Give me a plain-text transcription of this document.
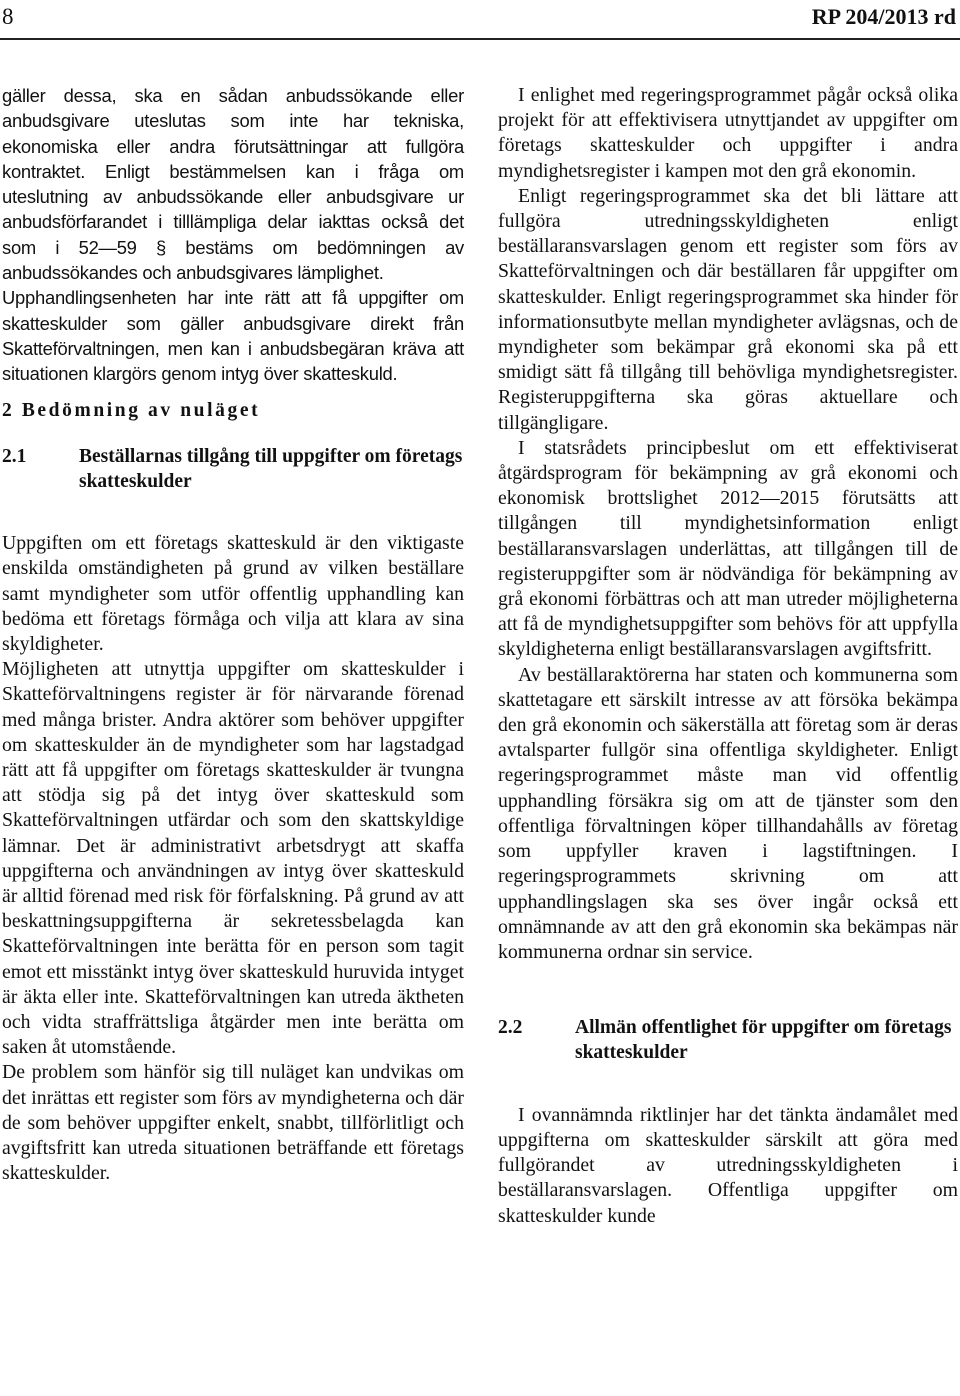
8	RP 204/2013 rd

gäller dessa, ska en sådan anbudssökande eller anbudsgivare uteslutas som inte har tekniska, ekonomiska eller andra förutsättningar att fullgöra kontraktet. Enligt bestämmelsen kan i fråga om uteslutning av anbudssökande eller anbudsgivare ur anbudsförfarandet i tilllämpliga delar iakttas också det som i 52—59 § bestäms om bedömningen av anbudssökandes och anbudsgivares lämplighet.

Upphandlingsenheten har inte rätt att få uppgifter om skatteskulder som gäller anbudsgivare direkt från Skatteförvaltningen, men kan i anbudsbegäran kräva att situationen klargörs genom intyg över skatteskuld.

2 Bedömning av nuläget
2.1	Beställarnas tillgång till uppgifter om företags skatteskulder

Uppgiften om ett företags skatteskuld är den viktigaste enskilda omständigheten på grund av vilken beställare samt myndigheter som utför offentlig upphandling kan bedöma ett företags förmåga och vilja att klara av sina skyldigheter.

Möjligheten att utnyttja uppgifter om skatteskulder i Skatteförvaltningens register är för närvarande förenad med många brister. Andra aktörer som behöver uppgifter om skatteskulder än de myndigheter som har lagstadgad rätt att få uppgifter om företags skatteskulder är tvungna att stödja sig på det intyg över skatteskuld som Skatteförvaltningen utfärdar och som den skattskyldige lämnar. Det är administrativt arbetsdrygt att skaffa uppgifterna och användningen av intyg över skatteskuld är alltid förenad med risk för förfalskning. På grund av att beskattningsuppgifterna är sekretessbelagda kan Skatteförvaltningen inte berätta för en person som tagit emot ett misstänkt intyg över skatteskuld huruvida intyget är äkta eller inte. Skatteförvaltningen kan utreda äktheten och vidta straffrättsliga åtgärder men inte berätta om saken åt utomstående.

De problem som hänför sig till nuläget kan undvikas om det inrättas ett register som förs av myndigheterna och där de som behöver uppgifter enkelt, snabbt, tillförlitligt och avgiftsfritt kan utreda situationen beträffande ett företags skatteskulder.

I enlighet med regeringsprogrammet pågår också olika projekt för att effektivisera utnyttjandet av uppgifter om företags skatteskulder och uppgifter i andra myndighetsregister i kampen mot den grå ekonomin.

Enligt regeringsprogrammet ska det bli lättare att fullgöra utredningsskyldigheten enligt beställaransvarslagen genom ett register som förs av Skatteförvaltningen och där beställaren får uppgifter om skatteskulder. Enligt regeringsprogrammet ska hinder för informationsutbyte mellan myndigheter avlägsnas, och de myndigheter som bekämpar grå ekonomi ska på ett smidigt sätt få tillgång till behövliga myndighetsregister. Registeruppgifterna ska göras aktuellare och tillgängligare.

I statsrådets principbeslut om ett effektiviserat åtgärdsprogram för bekämpning av grå ekonomi och ekonomisk brottslighet 2012—2015 förutsätts att tillgången till myndighetsinformation enligt beställaransvarslagen underlättas, att tillgången till de registeruppgifter som är nödvändiga för bekämpning av grå ekonomi förbättras och att man utreder möjligheterna att få de myndighetsuppgifter som behövs för att uppfylla skyldigheterna enligt beställaransvarslagen avgiftsfritt.

Av beställaraktörerna har staten och kommunerna som skattetagare ett särskilt intresse av att försöka bekämpa den grå ekonomin och säkerställa att företag som är deras avtalsparter fullgör sina offentliga skyldigheter. Enligt regeringsprogrammet måste man vid offentlig upphandling försäkra sig om att de tjänster som den offentliga förvaltningen köper tillhandahålls av företag som uppfyller kraven i lagstiftningen. I regeringsprogrammets skrivning om att upphandlingslagen ska ses över ingår också ett omnämnande av att den grå ekonomin ska bekämpas när kommunerna ordnar sin service.

2.2	Allmän offentlighet för uppgifter om företags skatteskulder

I ovannämnda riktlinjer har det tänkta ändamålet med uppgifterna om skatteskulder särskilt att göra med fullgörandet av utredningsskyldigheten i beställaransvarslagen. Offentliga uppgifter om skatteskulder kunde
